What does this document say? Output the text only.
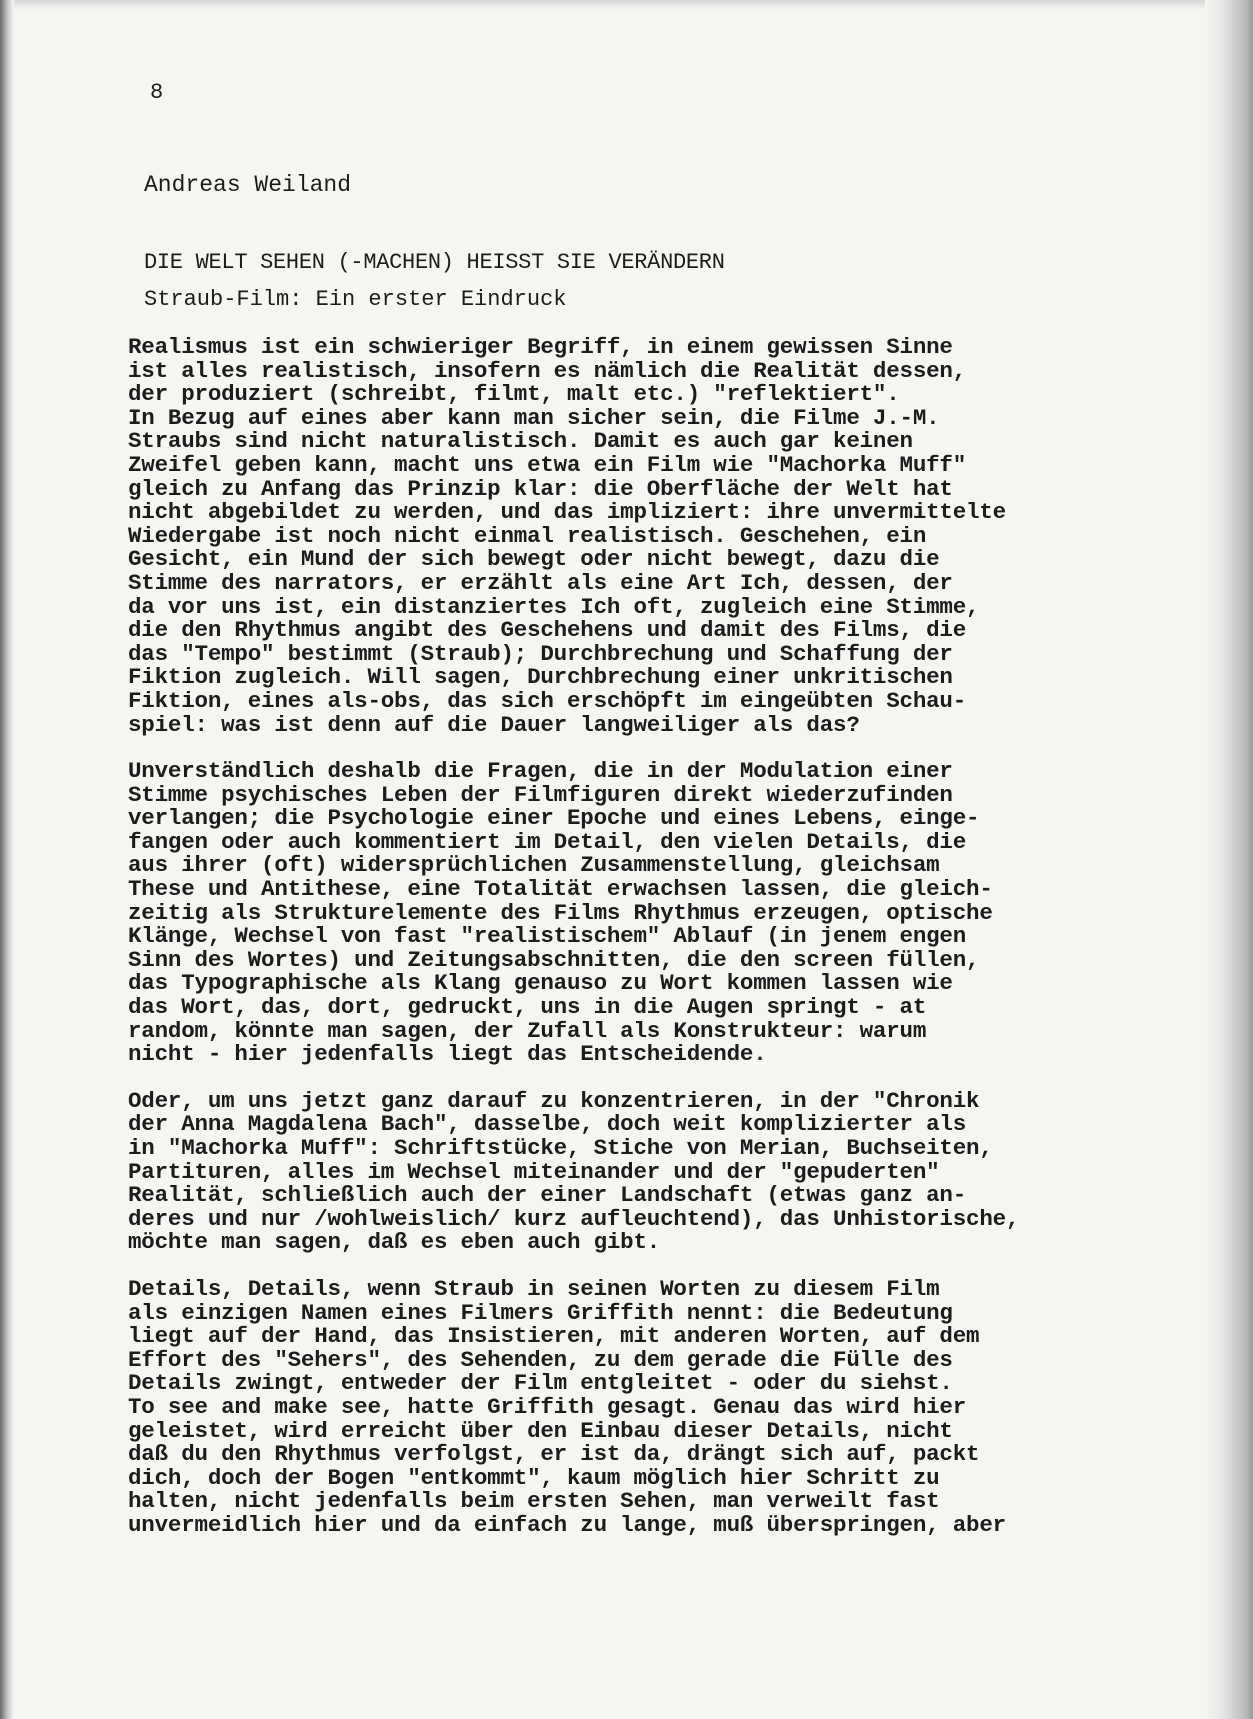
8
Andreas Weiland
DIE WELT SEHEN (-MACHEN) HEISST SIE VERÄNDERN
Straub-Film: Ein erster Eindruck
Realismus ist ein schwieriger Begriff, in einem gewissen Sinne
ist alles realistisch, insofern es nämlich die Realität dessen,
der produziert (schreibt, filmt, malt etc.) "reflektiert".
In Bezug auf eines aber kann man sicher sein, die Filme J.-M.
Straubs sind nicht naturalistisch. Damit es auch gar keinen
Zweifel geben kann, macht uns etwa ein Film wie "Machorka Muff"
gleich zu Anfang das Prinzip klar: die Oberfläche der Welt hat
nicht abgebildet zu werden, und das impliziert: ihre unvermittelte
Wiedergabe ist noch nicht einmal realistisch. Geschehen, ein
Gesicht, ein Mund der sich bewegt oder nicht bewegt, dazu die
Stimme des narrators, er erzählt als eine Art Ich, dessen, der
da vor uns ist, ein distanziertes Ich oft, zugleich eine Stimme,
die den Rhythmus angibt des Geschehens und damit des Films, die
das "Tempo" bestimmt (Straub); Durchbrechung und Schaffung der
Fiktion zugleich. Will sagen, Durchbrechung einer unkritischen
Fiktion, eines als-obs, das sich erschöpft im eingeübten Schau-
spiel: was ist denn auf die Dauer langweiliger als das?
Unverständlich deshalb die Fragen, die in der Modulation einer
Stimme psychisches Leben der Filmfiguren direkt wiederzufinden
verlangen; die Psychologie einer Epoche und eines Lebens, einge-
fangen oder auch kommentiert im Detail, den vielen Details, die
aus ihrer (oft) widersprüchlichen Zusammenstellung, gleichsam
These und Antithese, eine Totalität erwachsen lassen, die gleich-
zeitig als Strukturelemente des Films Rhythmus erzeugen, optische
Klänge, Wechsel von fast "realistischem" Ablauf (in jenem engen
Sinn des Wortes) und Zeitungsabschnitten, die den screen füllen,
das Typographische als Klang genauso zu Wort kommen lassen wie
das Wort, das, dort, gedruckt, uns in die Augen springt - at
random, könnte man sagen, der Zufall als Konstrukteur: warum
nicht - hier jedenfalls liegt das Entscheidende.
Oder, um uns jetzt ganz darauf zu konzentrieren, in der "Chronik
der Anna Magdalena Bach", dasselbe, doch weit komplizierter als
in "Machorka Muff": Schriftstücke, Stiche von Merian, Buchseiten,
Partituren, alles im Wechsel miteinander und der "gepuderten"
Realität, schließlich auch der einer Landschaft (etwas ganz an-
deres und nur /wohlweislich/ kurz aufleuchtend), das Unhistorische,
möchte man sagen, daß es eben auch gibt.
Details, Details, wenn Straub in seinen Worten zu diesem Film
als einzigen Namen eines Filmers Griffith nennt: die Bedeutung
liegt auf der Hand, das Insistieren, mit anderen Worten, auf dem
Effort des "Sehers", des Sehenden, zu dem gerade die Fülle des
Details zwingt, entweder der Film entgleitet - oder du siehst.
To see and make see, hatte Griffith gesagt. Genau das wird hier
geleistet, wird erreicht über den Einbau dieser Details, nicht
daß du den Rhythmus verfolgst, er ist da, drängt sich auf, packt
dich, doch der Bogen "entkommt", kaum möglich hier Schritt zu
halten, nicht jedenfalls beim ersten Sehen, man verweilt fast
unvermeidlich hier und da einfach zu lange, muß überspringen, aber
